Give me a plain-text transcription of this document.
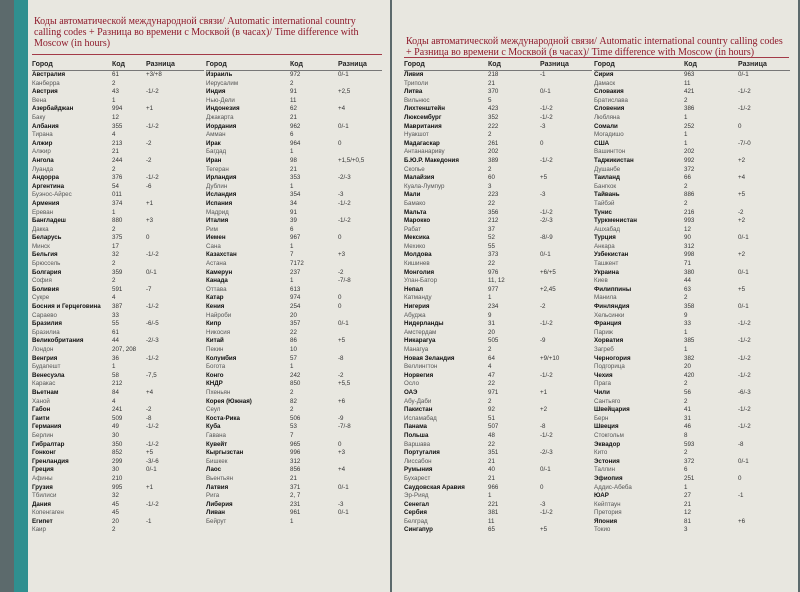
Коды автоматической международной связи/ Automatic international country calling codes + Разница во времени с Москвой (в часах)/ Time difference with Moscow (in hours)
Город	Код	Разница
Австралия	61	+3/+8
Канберра	2
Австрия	43	-1/-2
Вена	1
Азербайджан	994	+1
Баку	12
Албания	355	-1/-2
Тирана	4
Алжир	213	-2
Алжир	21
Ангола	244	-2
Луанда	2
Андорра	376	-1/-2
Аргентина	54	-6
Буэнос-Айрес	011
Армения	374	+1
Ереван	1
Бангладеш	880	+3
Дакка	2
Беларусь	375	0
Минск	17
Бельгия	32	-1/-2
Брюссель	2
Болгария	359	0/-1
София	2
Боливия	591	-7
Сукре	4
Босния и Герцеговина	387	-1/-2
Сараево	33
Бразилия	55	-6/-5
Бразилиа	61
Великобритания	44	-2/-3
Лондон	207, 208
Венгрия	36	-1/-2
Будапешт	1
Венесуэла	58	-7,5
Каракас	212
Вьетнам	84	+4
Ханой	4
Габон	241	-2
Гаити	509	-8
Германия	49	-1/-2
Берлин	30
Гибралтар	350	-1/-2
Гонконг	852	+5
Гренландия	299	-3/-6
Греция	30	0/-1
Афины	210
Грузия	995	+1
Тбилиси	32
Дания	45	-1/-2
Копенгаген	45
Египет	20	-1
Каир	2
Город	Код	Разница
Израиль	972	0/-1
Иерусалим	2
Индия	91	+2,5
Нью-Дели	11
Индонезия	62	+4
Джакарта	21
Иордания	962	0/-1
Амман	6
Ирак	964	0
Багдад	1
Иран	98	+1,5/+0,5
Тегеран	21
Ирландия	353	-2/-3
Дублин	1
Исландия	354	-3
Испания	34	-1/-2
Мадрид	91
Италия	39	-1/-2
Рим	6
Йемен	967	0
Сана	1
Казахстан	7	+3
Астана	7172
Камерун	237	-2
Канада	1	-7/-8
Оттава	613
Катар	974	0
Кения	254	0
Найроби	20
Кипр	357	0/-1
Никосия	22
Китай	86	+5
Пекин	10
Колумбия	57	-8
Богота	1
Конго	242	-2
КНДР	850	+5,5
Пхеньян	2
Корея (Южная)	82	+6
Сеул	2
Коста-Рика	506	-9
Куба	53	-7/-8
Гавана	7
Кувейт	965	0
Кыргызстан	996	+3
Бишкек	312
Лаос	856	+4
Вьентьян	21
Латвия	371	0/-1
Рига	2, 7
Либерия	231	-3
Ливан	961	0/-1
Бейрут	1
Коды автоматической международной связи/ Automatic international country calling codes + Разница во времени с Москвой (в часах)/ Time difference with Moscow (in hours)
Город	Код	Разница
Ливия	218	-1
Триполи	21
Литва	370	0/-1
Вильнюс	5
Лихтенштейн	423	-1/-2
Люксембург	352	-1/-2
Мавритания	222	-3
Нуакшот	2
Мадагаскар	261	0
Антананариву	202
Б.Ю.Р. Македония	389	-1/-2
Скопье	2
Малайзия	60	+5
Куала-Лумпур	3
Мали	223	-3
Бамако	22
Мальта	356	-1/-2
Марокко	212	-2/-3
Рабат	37
Мексика	52	-8/-9
Мехико	55
Молдова	373	0/-1
Кишинев	22
Монголия	976	+6/+5
Улан-Батор	11, 12
Непал	977	+2,45
Катманду	1
Нигерия	234	-2
Абуджа	9
Нидерланды	31	-1/-2
Амстердам	20
Никарагуа	505	-9
Манагуа	2
Новая Зеландия	64	+9/+10
Веллингтон	4
Норвегия	47	-1/-2
Осло	22
ОАЭ	971	+1
Абу-Даби	2
Пакистан	92	+2
Исламабад	51
Панама	507	-8
Польша	48	-1/-2
Варшава	22
Португалия	351	-2/-3
Лиссабон	21
Румыния	40	0/-1
Бухарест	21
Саудовская Аравия	966	0
Эр-Рияд	1
Сенегал	221	-3
Сербия	381	-1/-2
Белград	11
Сингапур	65	+5
Город	Код	Разница
Сирия	963	0/-1
Дамаск	11
Словакия	421	-1/-2
Братислава	2
Словения	386	-1/-2
Любляна	1
Сомали	252	0
Могадишо	1
США	1	-7/-0
Вашингтон	202
Таджикистан	992	+2
Душанбе	372
Таиланд	66	+4
Бангкок	2
Тайвань	886	+5
Тайбэй	2
Тунис	216	-2
Туркменистан	993	+2
Ашхабад	12
Турция	90	0/-1
Анкара	312
Узбекистан	998	+2
Ташкент	71
Украина	380	0/-1
Киев	44
Филиппины	63	+5
Манила	2
Финляндия	358	0/-1
Хельсинки	9
Франция	33	-1/-2
Париж	1
Хорватия	385	-1/-2
Загреб	1
Черногория	382	-1/-2
Подгорица	20
Чехия	420	-1/-2
Прага	2
Чили	56	-6/-3
Сантьяго	2
Швейцария	41	-1/-2
Берн	31
Швеция	46	-1/-2
Стокгольм	8
Эквадор	593	-8
Кито	2
Эстония	372	0/-1
Таллин	6
Эфиопия	251	0
Аддис-Абеба	1
ЮАР	27	-1
Кейптаун	21
Претория	12
Япония	81	+6
Токио	3
